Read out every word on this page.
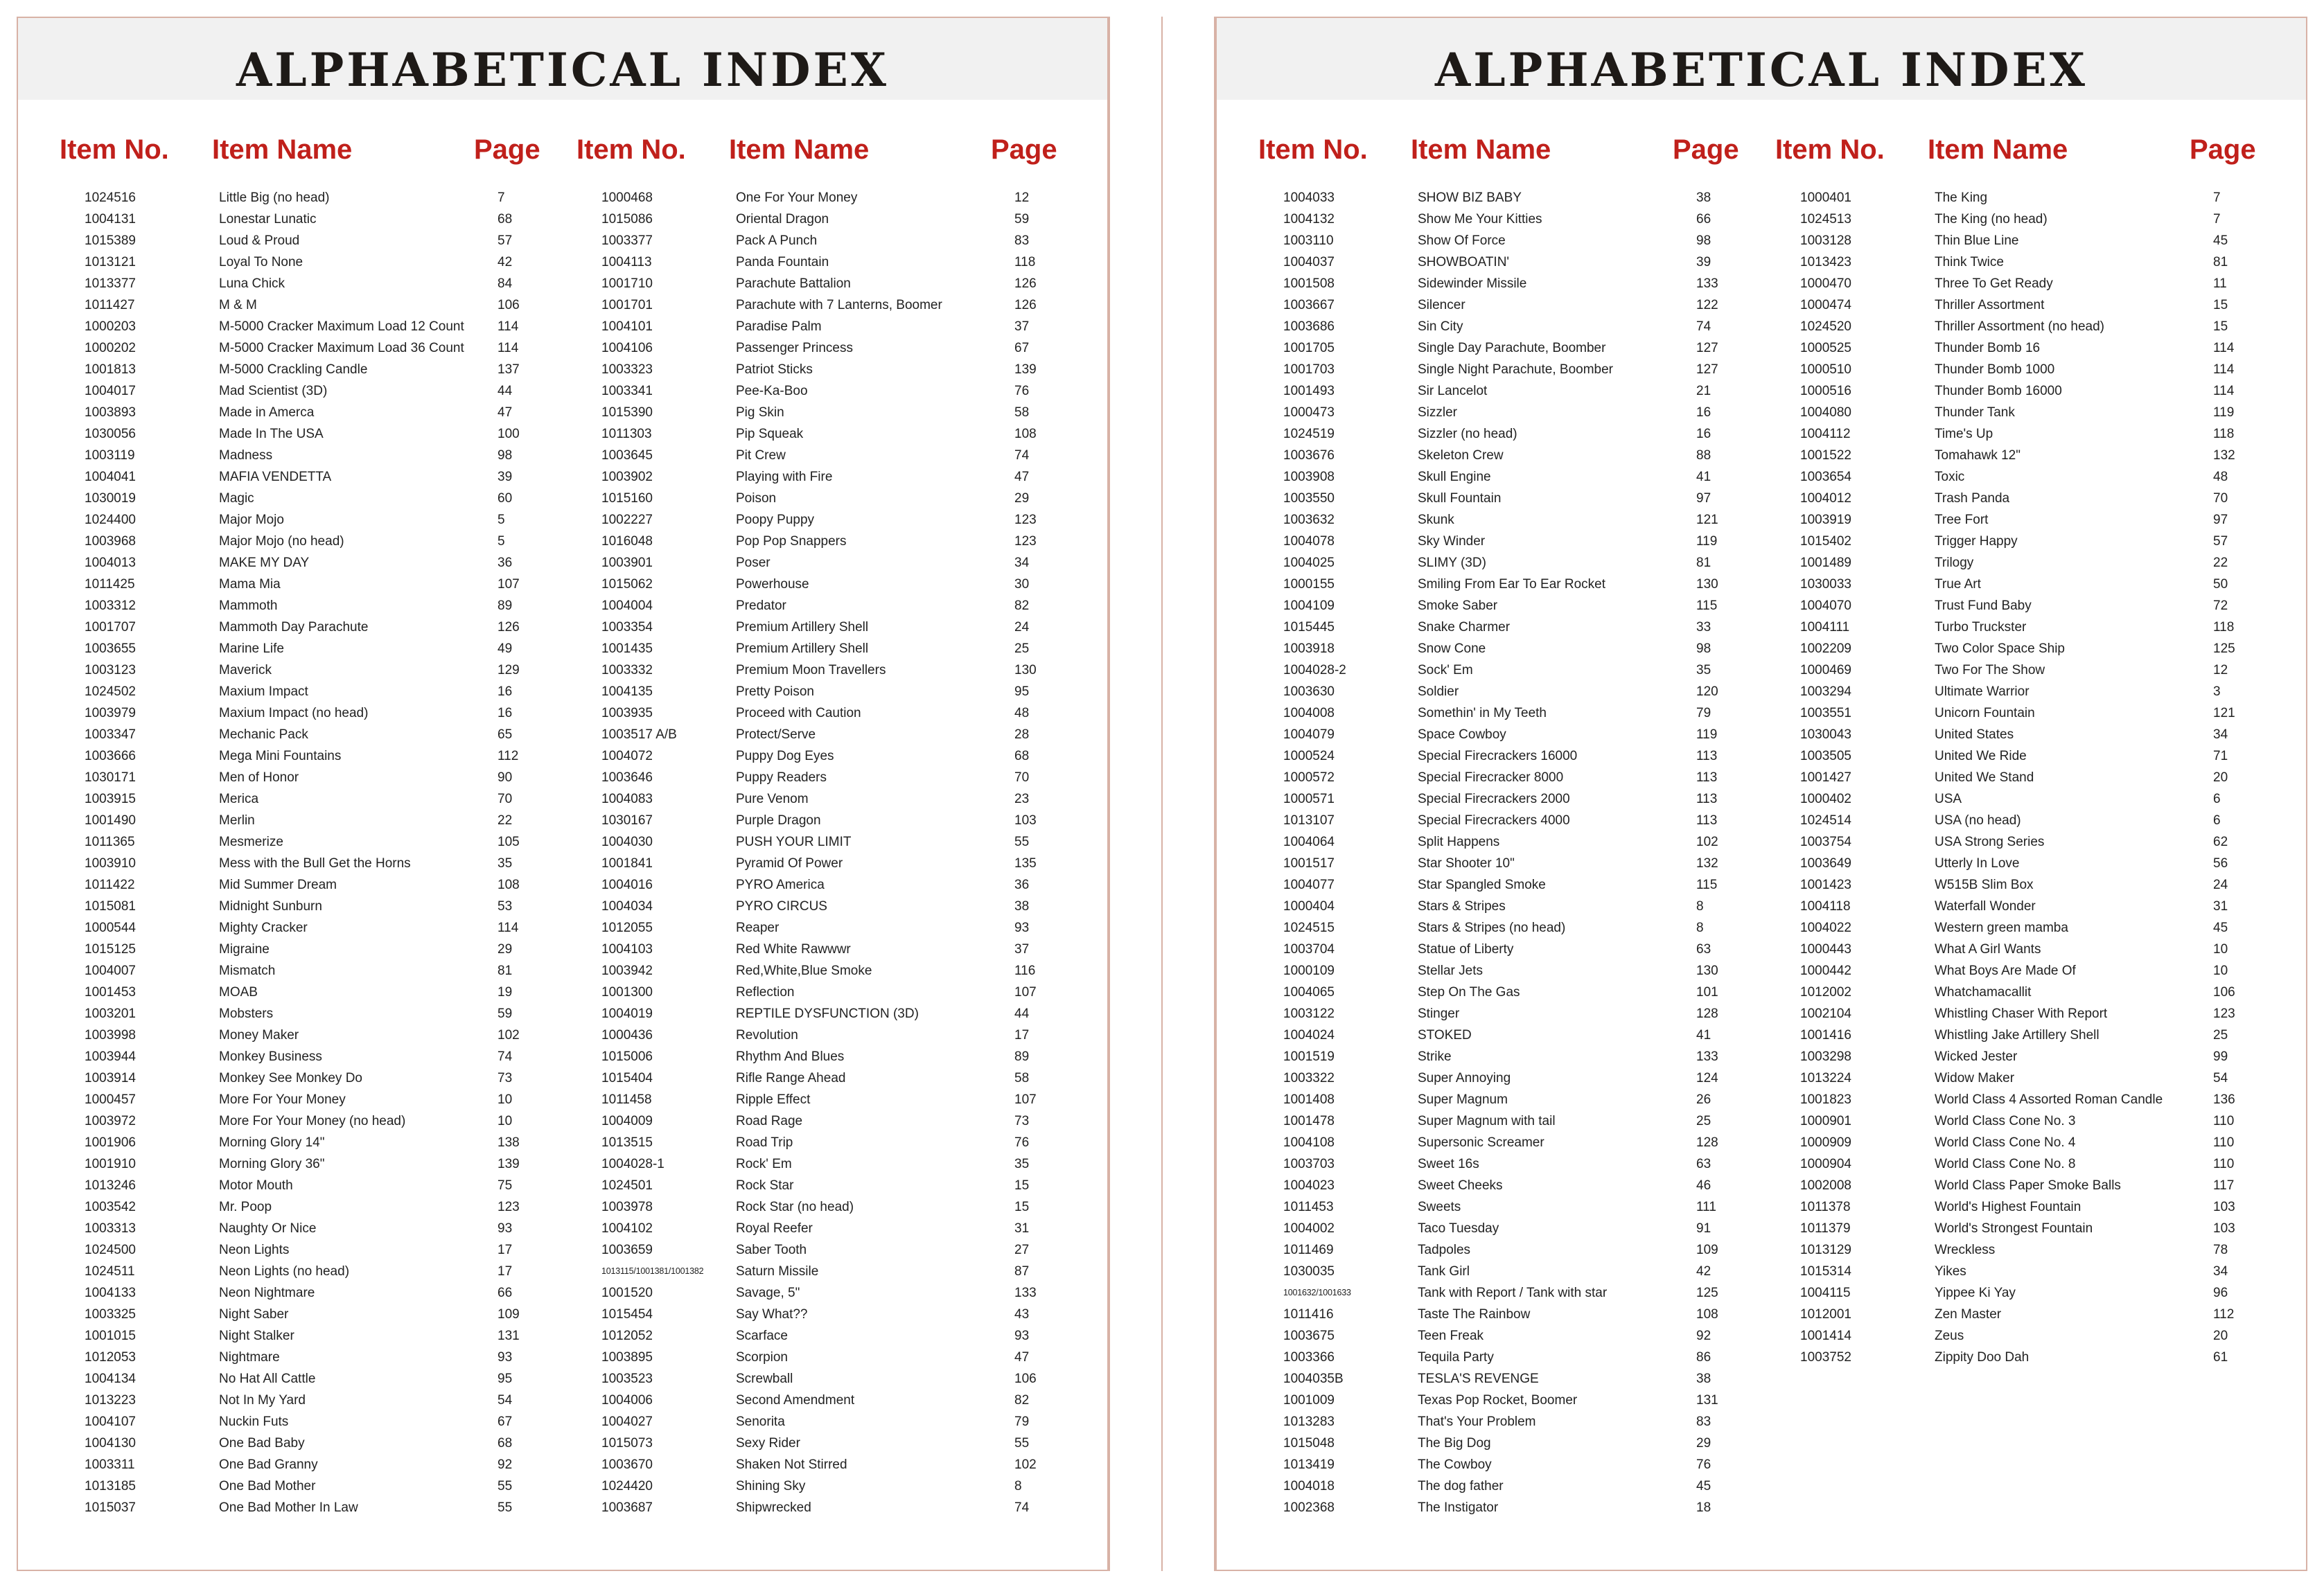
ALPHABETICAL INDEX
Item No. Item Name	Page
1024516	Little Big (no head)	7
1004131	Lonestar Lunatic	68
1015389	Loud & Proud	57
1013121	Loyal To None	42
1013377	Luna Chick	84
1011427	M & M	106
1000203	M-5000 Cracker Maximum Load 12 Count	114
1000202	M-5000 Cracker Maximum Load 36 Count	114
1001813	M-5000 Crackling Candle	137
1004017	Mad Scientist (3D)	44
1003893	Made in Amerca	47
1030056	Made In The USA	100
1003119	Madness	98
1004041	MAFIA VENDETTA	39
1030019	Magic	60
1024400	Major Mojo	5
1003968	Major Mojo (no head)	5
1004013	MAKE MY DAY	36
1011425	Mama Mia	107
1003312	Mammoth	89
1001707	Mammoth Day Parachute	126
1003655	Marine Life	49
1003123	Maverick	129
1024502	Maxium Impact	16
1003979	Maxium Impact (no head)	16
1003347	Mechanic Pack	65
1003666	Mega Mini Fountains	112
1030171	Men of Honor	90
1003915	Merica	70
1001490	Merlin	22
1011365	Mesmerize	105
1003910	Mess with the Bull Get the Horns	35
1011422	Mid Summer Dream	108
1015081	Midnight Sunburn	53
1000544	Mighty Cracker	114
1015125	Migraine	29
1004007	Mismatch	81
1001453	MOAB	19
1003201	Mobsters	59
1003998	Money Maker	102
1003944	Monkey Business	74
1003914	Monkey See Monkey Do	73
1000457	More For Your Money	10
1003972	More For Your Money (no head)	10
1001906	Morning Glory 14"	138
1001910	Morning Glory 36"	139
1013246	Motor Mouth	75
1003542	Mr. Poop	123
1003313	Naughty Or Nice	93
1024500	Neon Lights	17
1024511	Neon Lights (no head)	17
1004133	Neon Nightmare	66
1003325	Night Saber	109
1001015	Night Stalker	131
1012053	Nightmare	93
1004134	No Hat All Cattle	95
1013223	Not In My Yard	54
1004107	Nuckin Futs	67
1004130	One Bad Baby	68
1003311	One Bad Granny	92
1013185	One Bad Mother	55
1015037	One Bad Mother In Law	55
Item No. Item Name	Page
1000468	One For Your Money	12
1015086	Oriental Dragon	59
1003377	Pack A Punch	83
1004113	Panda Fountain	118
1001710	Parachute Battalion	126
1001701	Parachute with 7 Lanterns, Boomer	126
1004101	Paradise Palm	37
1004106	Passenger Princess	67
1003323	Patriot Sticks	139
1003341	Pee-Ka-Boo	76
1015390	Pig Skin	58
1011303	Pip Squeak	108
1003645	Pit Crew	74
1003902	Playing with Fire	47
1015160	Poison	29
1002227	Poopy Puppy	123
1016048	Pop Pop Snappers	123
1003901	Poser	34
1015062	Powerhouse	30
1004004	Predator	82
1003354	Premium Artillery Shell	24
1001435	Premium Artillery Shell	25
1003332	Premium Moon Travellers	130
1004135	Pretty Poison	95
1003935	Proceed with Caution	48
1003517 A/B	Protect/Serve	28
1004072	Puppy Dog Eyes	68
1003646	Puppy Readers	70
1004083	Pure Venom	23
1030167	Purple Dragon	103
1004030	PUSH YOUR LIMIT	55
1001841	Pyramid Of Power	135
1004016	PYRO America	36
1004034	PYRO CIRCUS	38
1012055	Reaper	93
1004103	Red White Rawwwr	37
1003942	Red,White,Blue Smoke	116
1001300	Reflection	107
1004019	REPTILE DYSFUNCTION (3D)	44
1000436	Revolution	17
1015006	Rhythm And Blues	89
1015404	Rifle Range Ahead	58
1011458	Ripple Effect	107
1004009	Road Rage	73
1013515	Road Trip	76
1004028-1	Rock' Em	35
1024501	Rock Star	15
1003978	Rock Star (no head)	15
1004102	Royal Reefer	31
1003659	Saber Tooth	27
1013115/1001381/1001382 Saturn Missile	87
1001520	Savage, 5"	133
1015454	Say What??	43
1012052	Scarface	93
1003895	Scorpion	47
1003523	Screwball	106
1004006	Second Amendment	82
1004027	Senorita	79
1015073	Sexy Rider	55
1003670	Shaken Not Stirred	102
1024420	Shining Sky	8
1003687	Shipwrecked	74
ALPHABETICAL INDEX
Item No. Item Name	Page
1004033	SHOW BIZ BABY	38
1004132	Show Me Your Kitties	66
1003110	Show Of Force	98
1004037	SHOWBOATIN'	39
1001508	Sidewinder Missile	133
1003667	Silencer	122
1003686	Sin City	74
1001705	Single Day Parachute, Boomber	127
1001703	Single Night Parachute, Boomber	127
1001493	Sir Lancelot	21
1000473	Sizzler	16
1024519	Sizzler (no head)	16
1003676	Skeleton Crew	88
1003908	Skull Engine	41
1003550	Skull Fountain	97
1003632	Skunk	121
1004078	Sky Winder	119
1004025	SLIMY (3D)	81
1000155	Smiling From Ear To Ear Rocket	130
1004109	Smoke Saber	115
1015445	Snake Charmer	33
1003918	Snow Cone	98
1004028-2	Sock' Em	35
1003630	Soldier	120
1004008	Somethin' in My Teeth	79
1004079	Space Cowboy	119
1000524	Special Firecrackers 16000	113
1000572	Special Firecracker 8000	113
1000571	Special Firecrackers 2000	113
1013107	Special Firecrackers 4000	113
1004064	Split Happens	102
1001517	Star Shooter 10"	132
1004077	Star Spangled Smoke	115
1000404	Stars & Stripes	8
1024515	Stars & Stripes (no head)	8
1003704	Statue of Liberty	63
1000109	Stellar Jets	130
1004065	Step On The Gas	101
1003122	Stinger	128
1004024	STOKED	41
1001519	Strike	133
1003322	Super Annoying	124
1001408	Super Magnum	26
1001478	Super Magnum with tail	25
1004108	Supersonic Screamer	128
1003703	Sweet 16s	63
1004023	Sweet Cheeks	46
1011453	Sweets	111
1004002	Taco Tuesday	91
1011469	Tadpoles	109
1030035	Tank Girl	42
1001632/1001633	Tank with Report / Tank with star	125
1011416	Taste The Rainbow	108
1003675	Teen Freak	92
1003366	Tequila Party	86
1004035B	TESLA'S REVENGE	38
1001009	Texas Pop Rocket, Boomer	131
1013283	That's Your Problem	83
1015048	The Big Dog	29
1013419	The Cowboy	76
1004018	The dog father	45
1002368	The Instigator	18
Item No. Item Name	Page
1000401	The King	7
1024513	The King (no head)	7
1003128	Thin Blue Line	45
1013423	Think Twice	81
1000470	Three To Get Ready	11
1000474	Thriller Assortment	15
1024520	Thriller Assortment (no head)	15
1000525	Thunder Bomb 16	114
1000510	Thunder Bomb 1000	114
1000516	Thunder Bomb 16000	114
1004080	Thunder Tank	119
1004112	Time's Up	118
1001522	Tomahawk 12"	132
1003654	Toxic	48
1004012	Trash Panda	70
1003919	Tree Fort	97
1015402	Trigger Happy	57
1001489	Trilogy	22
1030033	True Art	50
1004070	Trust Fund Baby	72
1004111	Turbo Truckster	118
1002209	Two Color Space Ship	125
1000469	Two For The Show	12
1003294	Ultimate Warrior	3
1003551	Unicorn Fountain	121
1030043	United States	34
1003505	United We Ride	71
1001427	United We Stand	20
1000402	USA	6
1024514	USA (no head)	6
1003754	USA Strong Series	62
1003649	Utterly In Love	56
1001423	W515B Slim Box	24
1004118	Waterfall Wonder	31
1004022	Western green mamba	45
1000443	What A Girl Wants	10
1000442	What Boys Are Made Of	10
1012002	Whatchamacallit	106
1002104	Whistling Chaser With Report	123
1001416	Whistling Jake Artillery Shell	25
1003298	Wicked Jester	99
1013224	Widow Maker	54
1001823	World Class 4 Assorted Roman Candle	136
1000901	World Class Cone No. 3	110
1000909	World Class Cone No. 4	110
1000904	World Class Cone No. 8	110
1002008	World Class Paper Smoke Balls	117
1011378	World's Highest Fountain	103
1011379	World's Strongest Fountain	103
1013129	Wreckless	78
1015314	Yikes	34
1004115	Yippee Ki Yay	96
1012001	Zen Master	112
1001414	Zeus	20
1003752	Zippity Doo Dah	61
